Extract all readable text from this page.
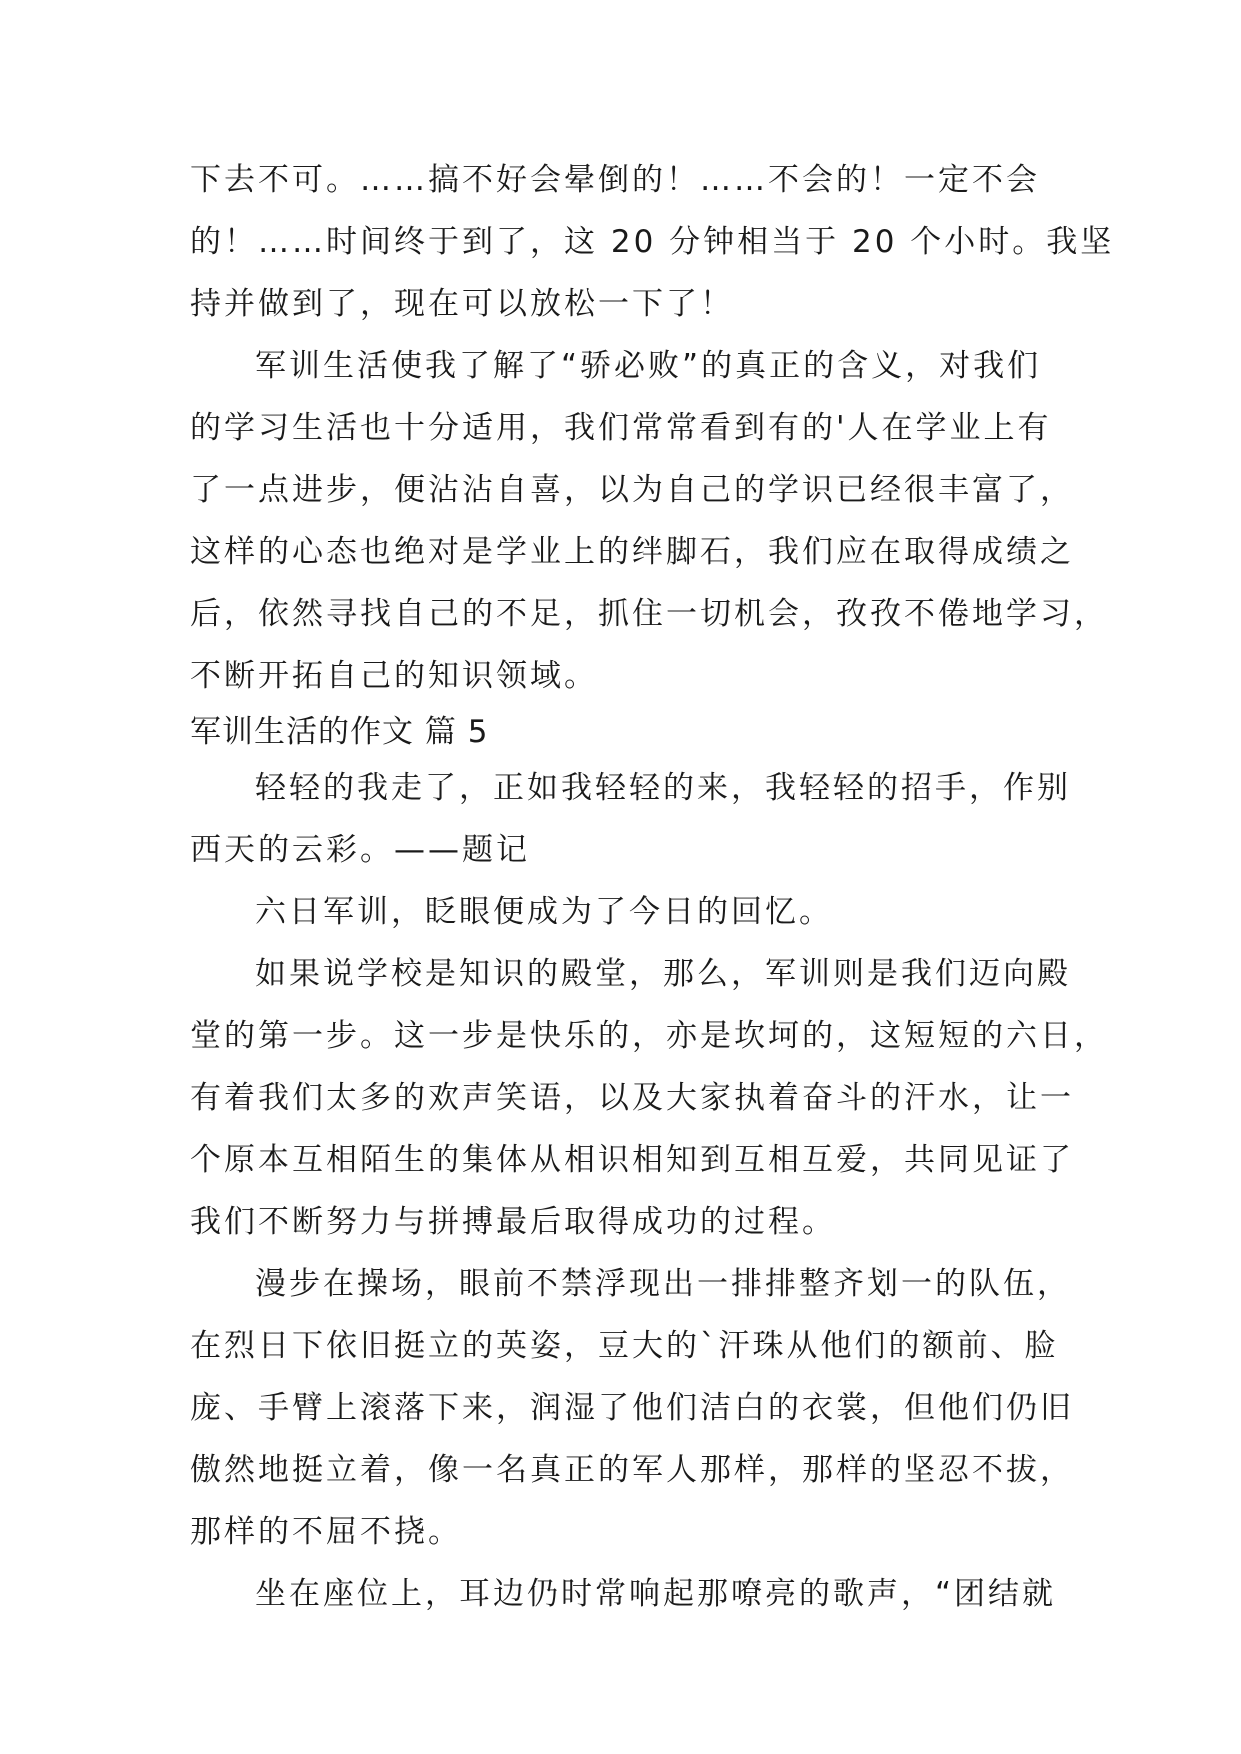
下去不可。……搞不好会晕倒的！……不会的！一定不会
的！……时间终于到了，这 20 分钟相当于 20 个小时。我坚
持并做到了，现在可以放松一下了！
军训生活使我了解了“骄必败”的真正的含义，对我们
的学习生活也十分适用，我们常常看到有的'人在学业上有
了一点进步，便沾沾自喜，以为自己的学识已经很丰富了，
这样的心态也绝对是学业上的绊脚石，我们应在取得成绩之
后，依然寻找自己的不足，抓住一切机会，孜孜不倦地学习，
不断开拓自己的知识领域。
军训生活的作文 篇 5
轻轻的我走了，正如我轻轻的来，我轻轻的招手，作别
西天的云彩。——题记
六日军训，眨眼便成为了今日的回忆。
如果说学校是知识的殿堂，那么，军训则是我们迈向殿
堂的第一步。这一步是快乐的，亦是坎坷的，这短短的六日，
有着我们太多的欢声笑语，以及大家执着奋斗的汗水，让一
个原本互相陌生的集体从相识相知到互相互爱，共同见证了
我们不断努力与拼搏最后取得成功的过程。
漫步在操场，眼前不禁浮现出一排排整齐划一的队伍，
在烈日下依旧挺立的英姿，豆大的`汗珠从他们的额前、脸
庞、手臂上滚落下来，润湿了他们洁白的衣裳，但他们仍旧
傲然地挺立着，像一名真正的军人那样，那样的坚忍不拔，
那样的不屈不挠。
坐在座位上，耳边仍时常响起那嘹亮的歌声，“团结就
